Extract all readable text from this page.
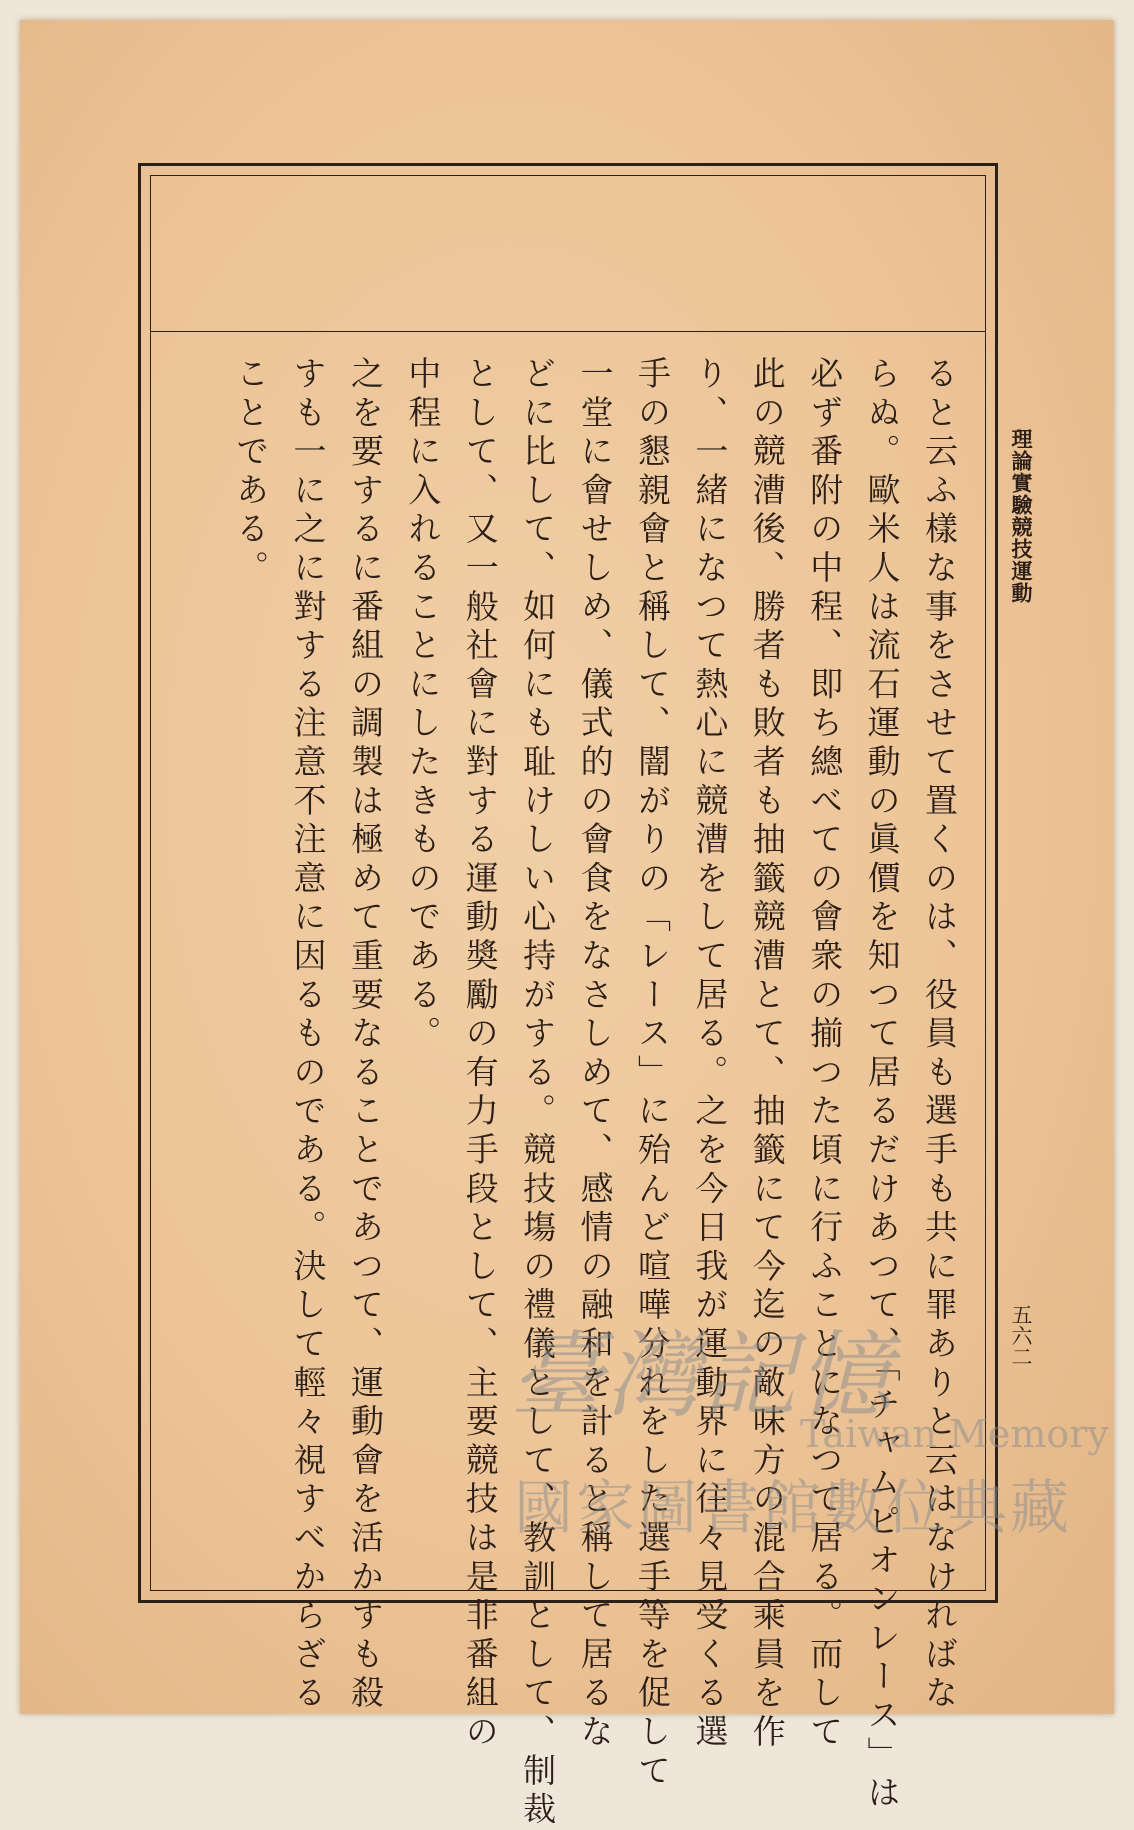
理論實驗競技運動
五六二
ると云ふ樣な事をさせて置くのは、役員も選手も共に罪ありと云はなければな
らぬ。歐米人は流石運動の眞價を知つて居るだけあつて、「チャムピオンレース」は
必ず番附の中程、即ち總べての會衆の揃つた頃に行ふことになつて居る。而して
此の競漕後、勝者も敗者も抽籤競漕とて、抽籤にて今迄の敵味方の混合乘員を作
り、一緒になつて熱心に競漕をして居る。之を今日我が運動界に往々見受くる選
手の懇親會と稱して、闇がりの「レース」に殆んど喧嘩分れをした選手等を促して
一堂に會せしめ、儀式的の會食をなさしめて、感情の融和を計ると稱して居るな
どに比して、如何にも耻けしい心持がする。競技塲の禮儀として、教訓として、制裁
として、又一般社會に對する運動奬勵の有力手段として、主要競技は是非番組の
中程に入れることにしたきものである。
之を要するに番組の調製は極めて重要なることであつて、運動會を活かすも殺
すも一に之に對する注意不注意に因るものである。決して輕々視すべからざる
ことである。
臺灣記憶
Taiwan Memory
國家圖書館數位典藏
